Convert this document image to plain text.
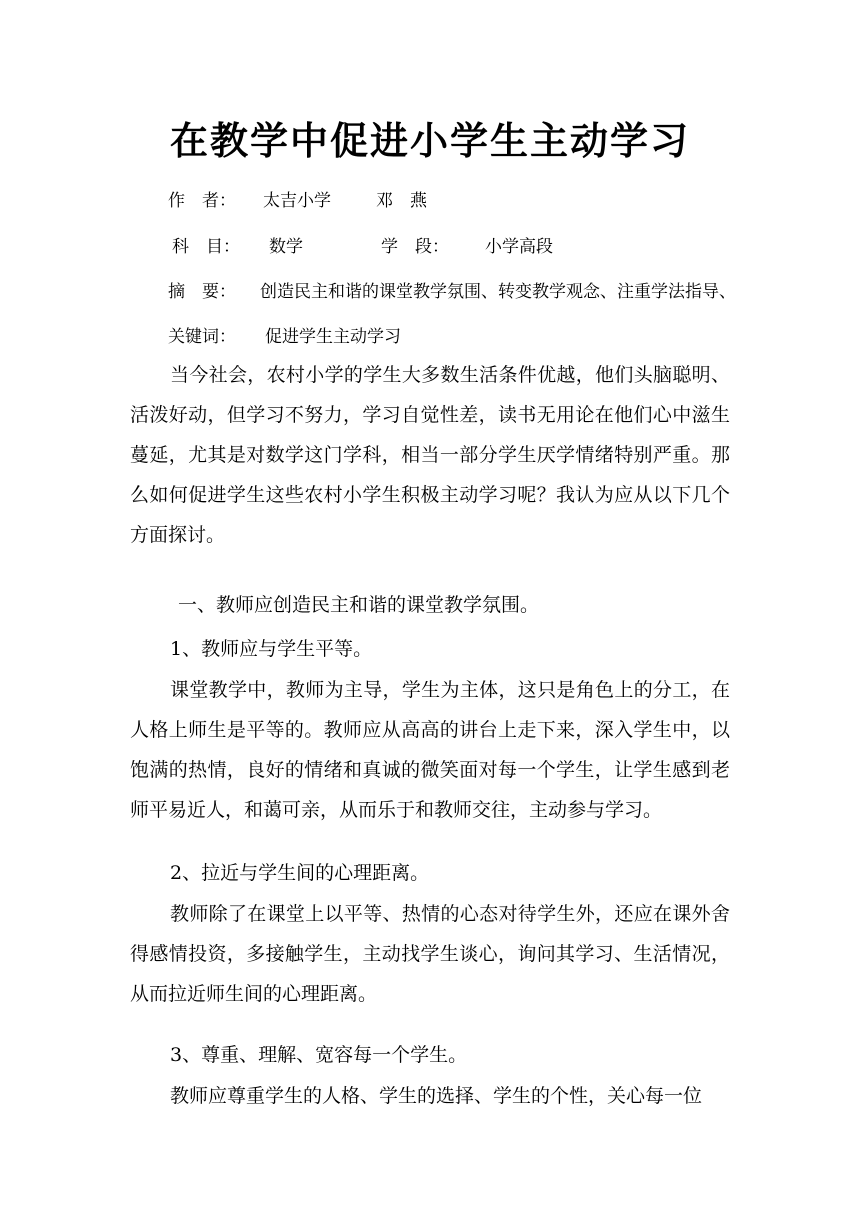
在教学中促进小学生主动学习
作　者： 太吉小学	邓　燕
科　目： 数学	学　段： 小学高段
摘　要： 创造民主和谐的课堂教学氛围、转变教学观念、注重学法指导、
关键词： 促进学生主动学习

当今社会，农村小学的学生大多数生活条件优越，他们头脑聪明、活泼好动，但学习不努力，学习自觉性差，读书无用论在他们心中滋生蔓延，尤其是对数学这门学科，相当一部分学生厌学情绪特别严重。那么如何促进学生这些农村小学生积极主动学习呢？我认为应从以下几个方面探讨。

一、教师应创造民主和谐的课堂教学氛围。
1、教师应与学生平等。

课堂教学中，教师为主导，学生为主体，这只是角色上的分工，在人格上师生是平等的。教师应从高高的讲台上走下来，深入学生中，以饱满的热情，良好的情绪和真诚的微笑面对每一个学生，让学生感到老师平易近人，和蔼可亲，从而乐于和教师交往，主动参与学习。

2、拉近与学生间的心理距离。

教师除了在课堂上以平等、热情的心态对待学生外，还应在课外舍得感情投资，多接触学生，主动找学生谈心，询问其学习、生活情况，从而拉近师生间的心理距离。

3、尊重、理解、宽容每一个学生。

教师应尊重学生的人格、学生的选择、学生的个性，关心每一位
